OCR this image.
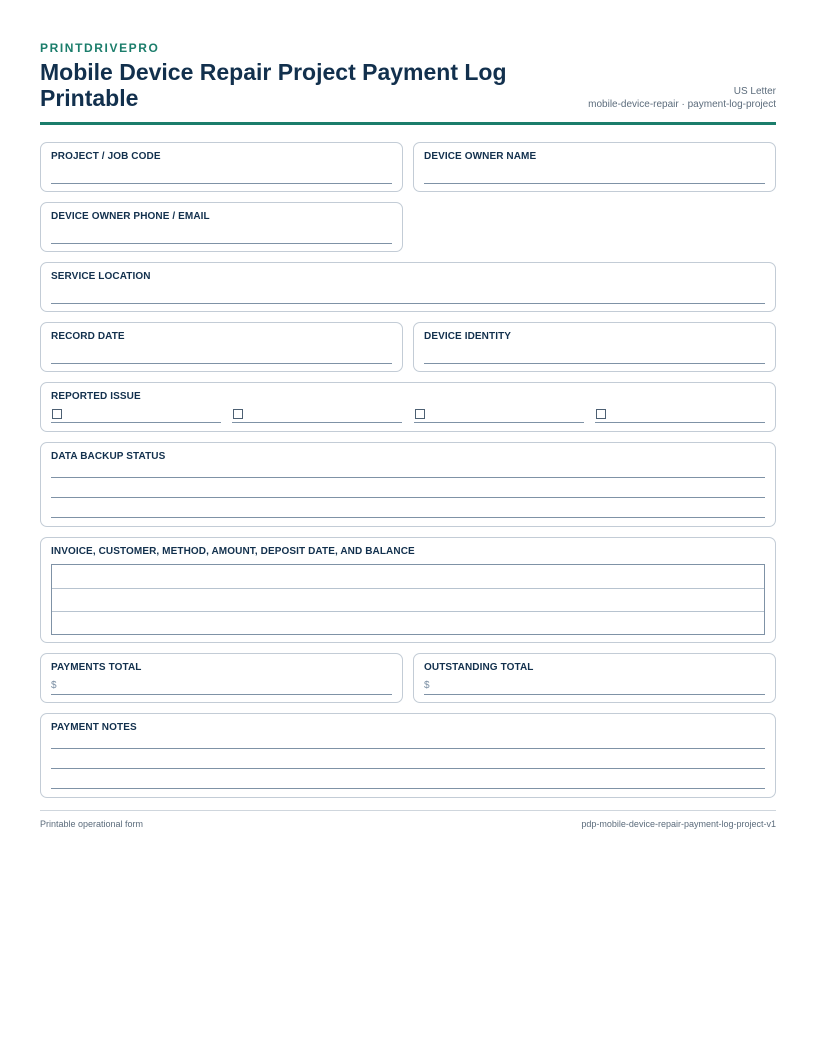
PRINTDRIVEPRO
Mobile Device Repair Project Payment Log Printable	US Letter
mobile-device-repair · payment-log-project
PROJECT / JOB CODE	DEVICE OWNER NAME
DEVICE OWNER PHONE / EMAIL
SERVICE LOCATION
RECORD DATE	DEVICE IDENTITY
REPORTED ISSUE
DATA BACKUP STATUS
INVOICE, CUSTOMER, METHOD, AMOUNT, DEPOSIT DATE, AND BALANCE
PAYMENTS TOTAL
$
OUTSTANDING TOTAL
$
PAYMENT NOTES
Printable operational form	pdp-mobile-device-repair-payment-log-project-v1
